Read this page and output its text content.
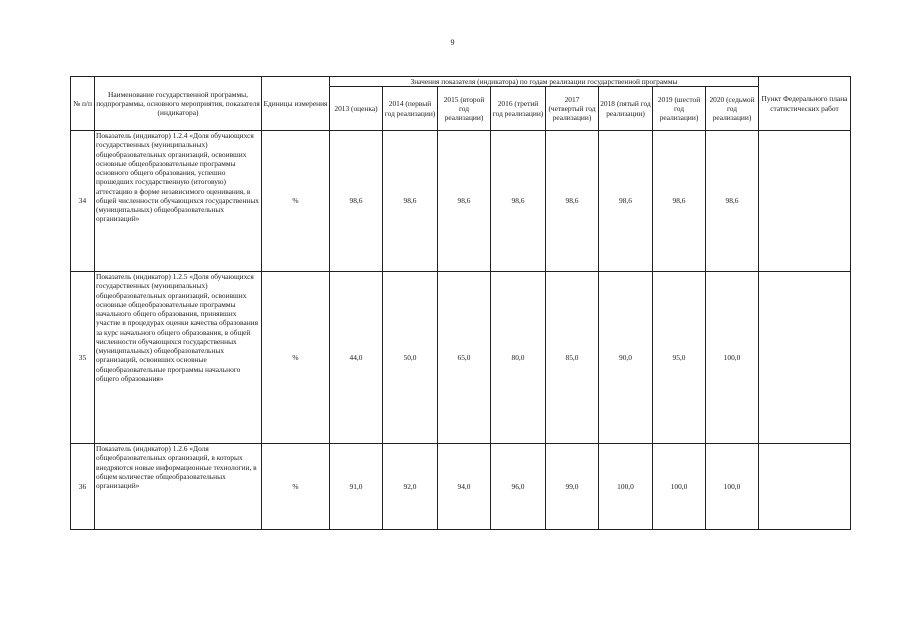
9
№ п/п	Наименование государственной программы, подпрограммы, основного мероприятия, показателя (индикатора)	Единицы измерения	Значения показателя (индикатора) по годам реализации государственной программы								Пункт Федерального плана статистических работ
			2013 (оценка)	2014 (первый год реализации)	2015 (второй год реализации)	2016 (третий год реализации)	2017 (четвертый год реализации)	2018 (пятый год реализации)	2019 (шестой год реализации)	2020 (седьмой год реализации)	
34	Показатель (индикатор) 1.2.4 «Доля обучающихся государственных (муниципальных) общеобразовательных организаций, освоивших основные общеобразовательные программы основного общего образования, успешно прошедших государственную (итоговую) аттестацию в форме независимого оценивания, в общей численности обучающихся государственных (муниципальных) общеобразовательных организаций»	%	98,6	98,6	98,6	98,6	98,6	98,6	98,6	98,6	
35	Показатель (индикатор) 1.2.5 «Доля обучающихся государственных (муниципальных) общеобразовательных организаций, освоивших основные общеобразовательные программы начального общего образования, принявших участие в процедурах оценки качества образования за курс начального общего образования, в общей численности обучающихся государственных (муниципальных) общеобразовательных организаций, освоивших основные общеобразовательные программы начального общего образования»	%	44,0	50,0	65,0	80,0	85,0	90,0	95,0	100,0	
36	Показатель (индикатор) 1.2.6 «Доля общеобразовательных организаций, в которых внедряются новые информационные технологии, в общем количестве общеобразовательных организаций»	%	91,0	92,0	94,0	96,0	99,0	100,0	100,0	100,0	
